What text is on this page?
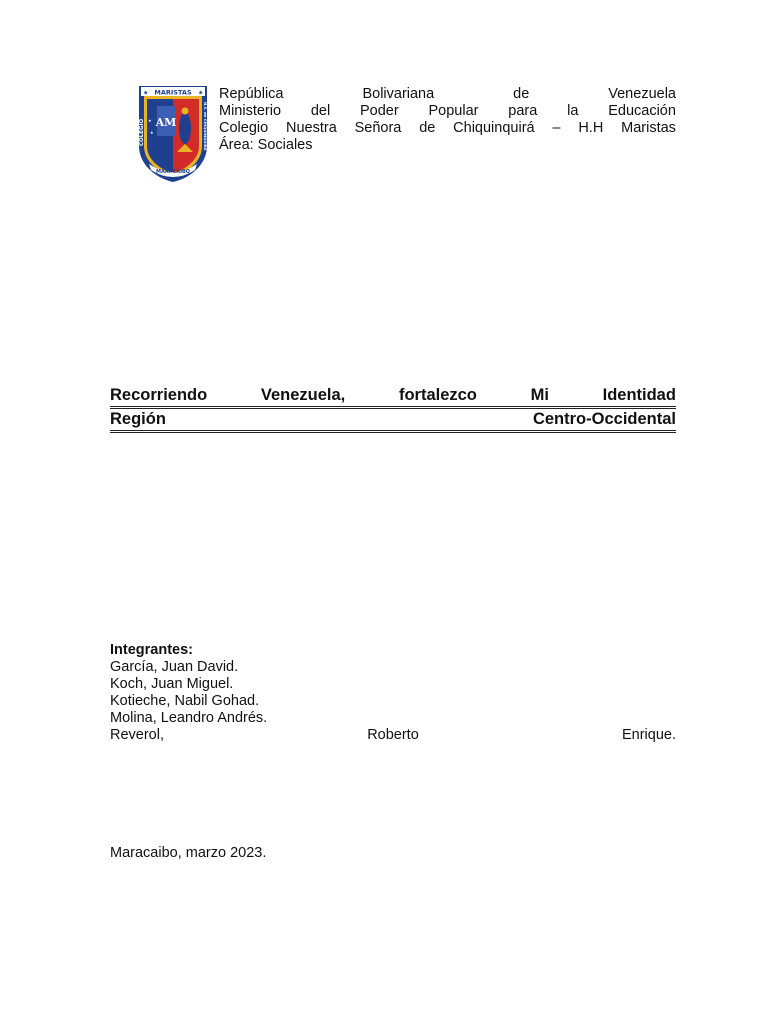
MARISTAS
★	★
COLEGIO	N.S. de CHIQUINQUIRÁ
AM
★
★
MARACAIBO
República	Bolivariana	de	Venezuela
Ministerio del Poder Popular para la Educación
Colegio Nuestra Señora de Chiquinquirá – H.H Maristas
Área: Sociales
Recorriendo	Venezuela,	fortalezco	Mi	Identidad
Región	Centro-Occidental
Integrantes:
García, Juan David.
Koch, Juan Miguel.
Kotieche, Nabil Gohad.
Molina, Leandro Andrés.
Reverol,	Roberto	Enrique.
Maracaibo, marzo 2023.
